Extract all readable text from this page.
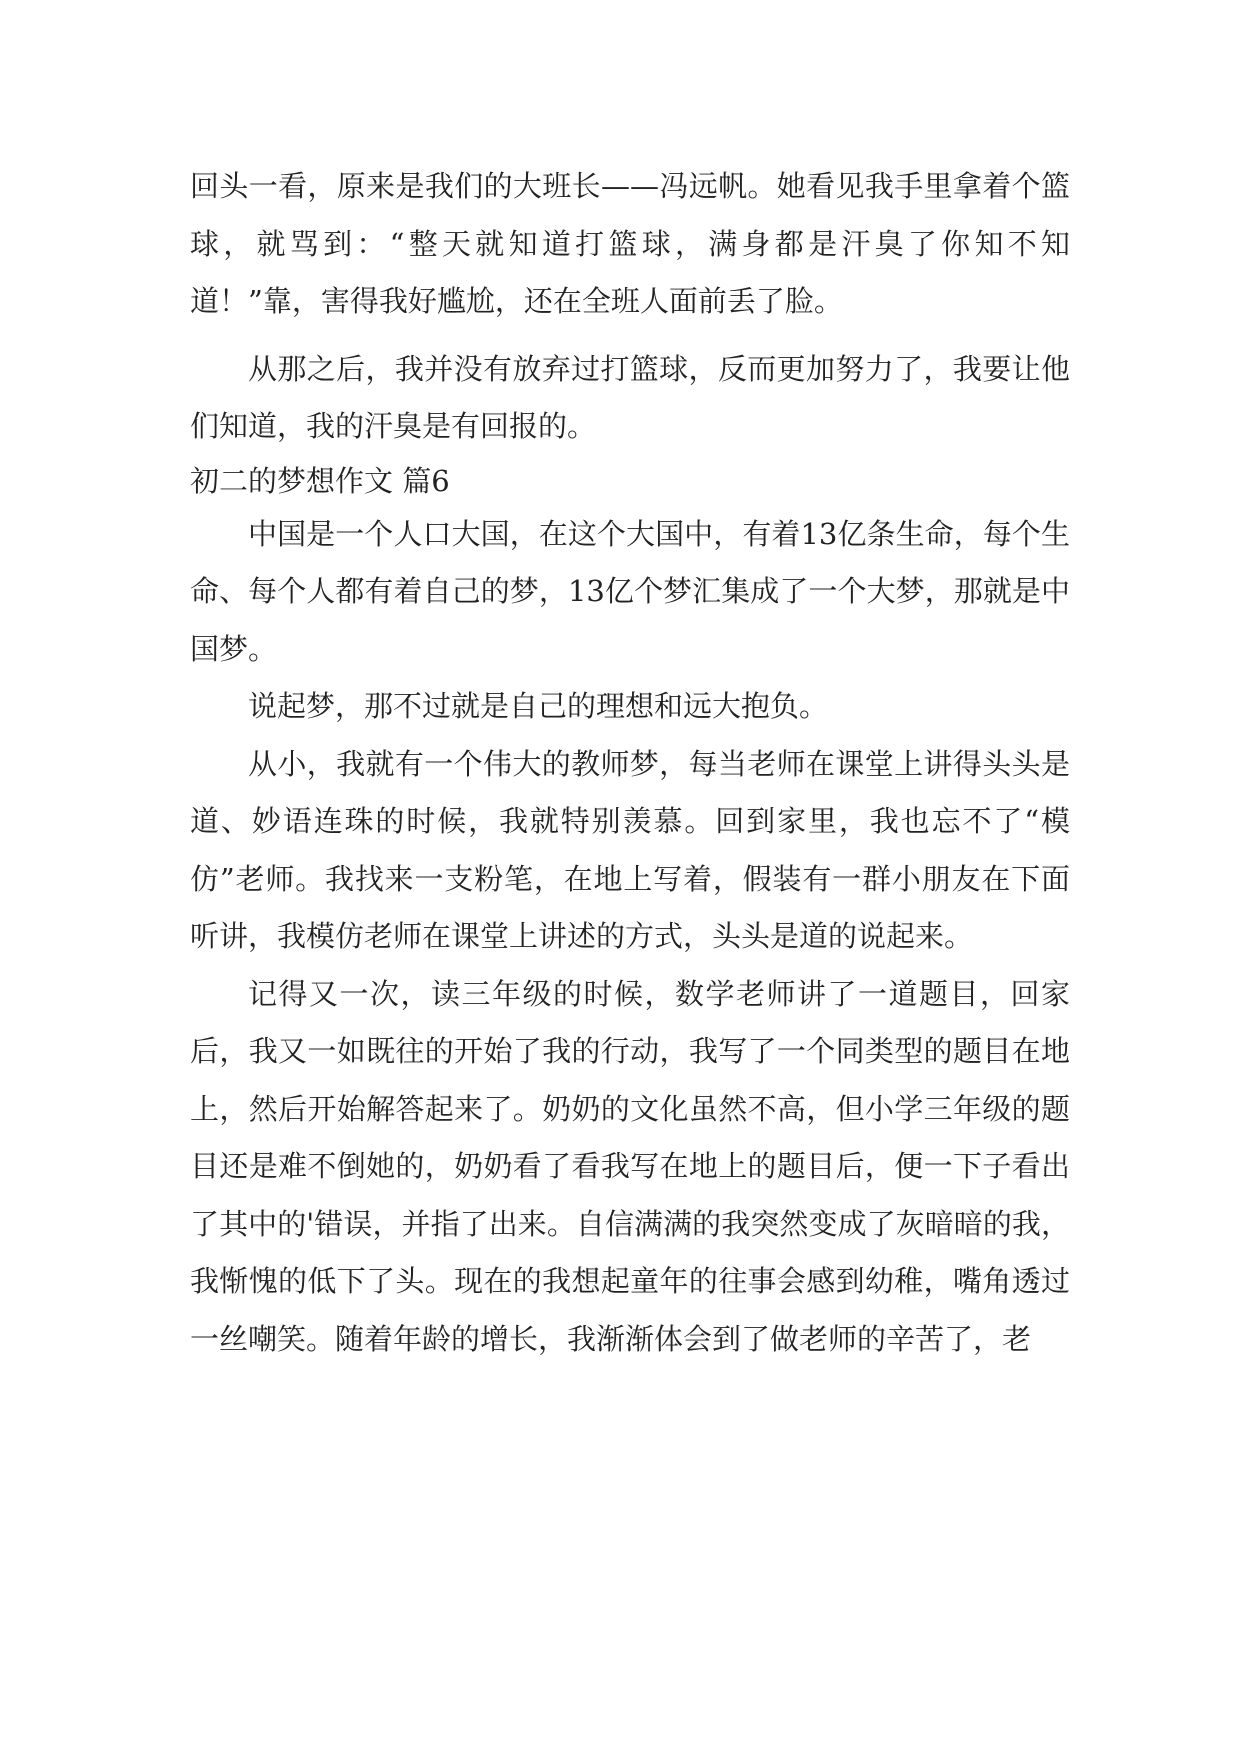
回头一看，原来是我们的大班长——冯远帆。她看见我手里拿着个篮球，就骂到：“整天就知道打篮球，满身都是汗臭了你知不知道！”靠，害得我好尴尬，还在全班人面前丢了脸。

从那之后，我并没有放弃过打篮球，反而更加努力了，我要让他们知道，我的汗臭是有回报的。

初二的梦想作文 篇6

中国是一个人口大国，在这个大国中，有着13亿条生命，每个生命、每个人都有着自己的梦，13亿个梦汇集成了一个大梦，那就是中国梦。

说起梦，那不过就是自己的理想和远大抱负。

从小，我就有一个伟大的教师梦，每当老师在课堂上讲得头头是道、妙语连珠的时候，我就特别羡慕。回到家里，我也忘不了“模仿”老师。我找来一支粉笔，在地上写着，假装有一群小朋友在下面听讲，我模仿老师在课堂上讲述的方式，头头是道的说起来。

记得又一次，读三年级的时候，数学老师讲了一道题目，回家后，我又一如既往的开始了我的行动，我写了一个同类型的题目在地上，然后开始解答起来了。奶奶的文化虽然不高，但小学三年级的题目还是难不倒她的，奶奶看了看我写在地上的题目后，便一下子看出了其中的'错误，并指了出来。自信满满的我突然变成了灰暗暗的我，我惭愧的低下了头。现在的我想起童年的往事会感到幼稚，嘴角透过一丝嘲笑。随着年龄的增长，我渐渐体会到了做老师的辛苦了，老
